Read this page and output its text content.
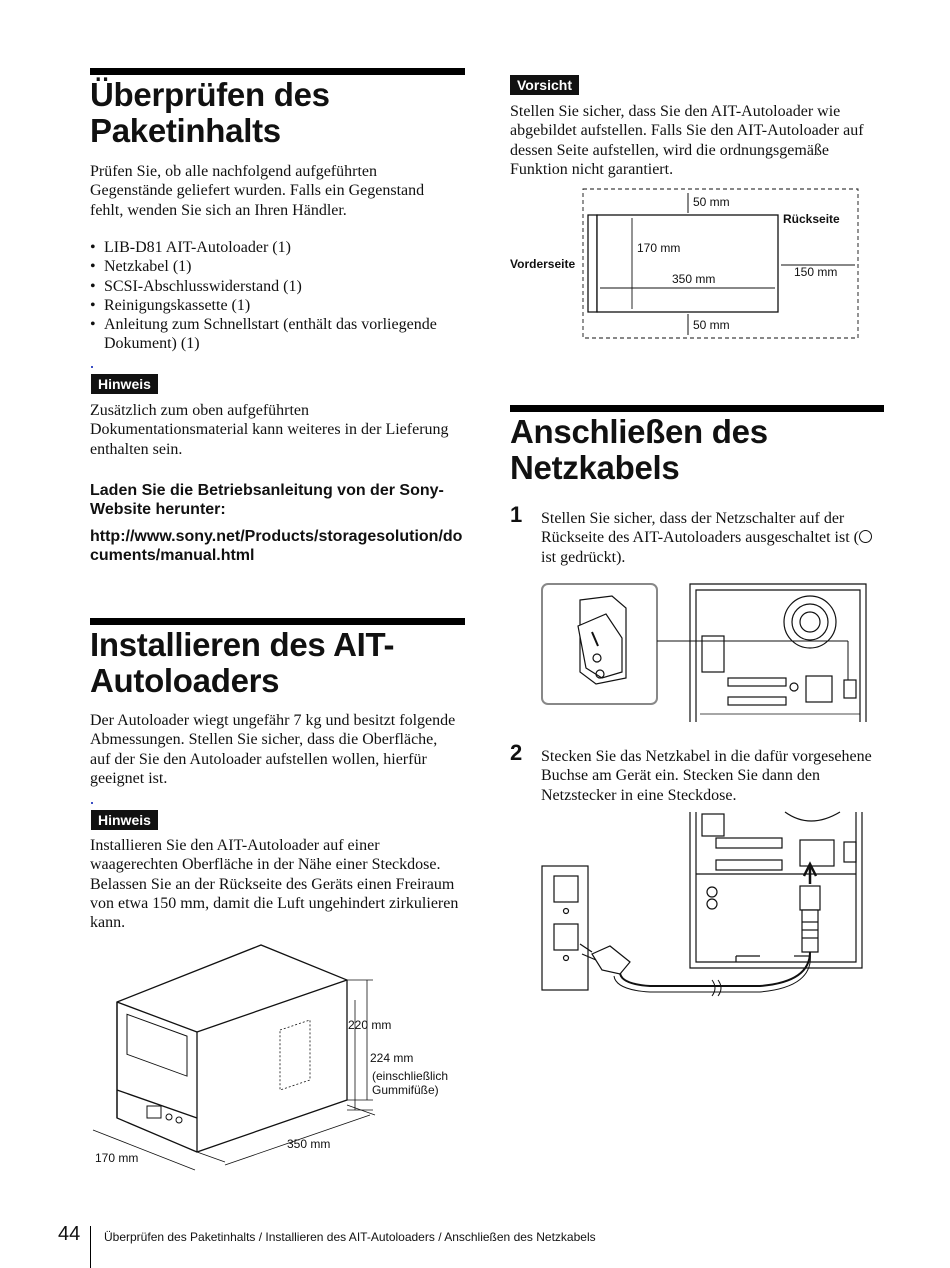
Überprüfen des
Paketinhalts

Prüfen Sie, ob alle nachfolgend aufgeführten Gegenstände geliefert wurden. Falls ein Gegenstand fehlt, wenden Sie sich an Ihren Händler.

• LIB-D81 AIT-Autoloader (1)
• Netzkabel (1)
• SCSI-Abschlusswiderstand (1)
• Reinigungskassette (1)
• Anleitung zum Schnellstart (enthält das vorliegende Dokument) (1)
Hinweis

Zusätzlich zum oben aufgeführten Dokumentationsmaterial kann weiteres in der Lieferung enthalten sein.

Laden Sie die Betriebsanleitung von der Sony-Website herunter:

http://www.sony.net/Products/storagesolution/documents/manual.html

Installieren des AIT-
Autoloaders

Der Autoloader wiegt ungefähr 7 kg und besitzt folgende Abmessungen. Stellen Sie sicher, dass die Oberfläche, auf der Sie den Autoloader aufstellen wollen, hierfür geeignet ist.

Hinweis

Installieren Sie den AIT-Autoloader auf einer waagerechten Oberfläche in der Nähe einer Steckdose. Belassen Sie an der Rückseite des Geräts einen Freiraum von etwa 150 mm, damit die Luft ungehindert zirkulieren kann.

220 mm
224 mm
(einschließlich
Gummifüße)
350 mm
170 mm
Vorsicht

Stellen Sie sicher, dass Sie den AIT-Autoloader wie abgebildet aufstellen. Falls Sie den AIT-Autoloader auf dessen Seite aufstellen, wird die ordnungsgemäße Funktion nicht garantiert.

50 mm
Rückseite
170 mm
Vorderseite
150 mm
350 mm
50 mm
Anschließen des
Netzkabels
1 Stellen Sie sicher, dass der Netzschalter auf der Rückseite des AIT-Autoloaders ausgeschaltet ist ( ist gedrückt).

2 Stecken Sie das Netzkabel in die dafür vorgesehene Buchse am Gerät ein. Stecken Sie dann den Netzstecker in eine Steckdose.

44 Überprüfen des Paketinhalts / Installieren des AIT-Autoloaders / Anschließen des Netzkabels
